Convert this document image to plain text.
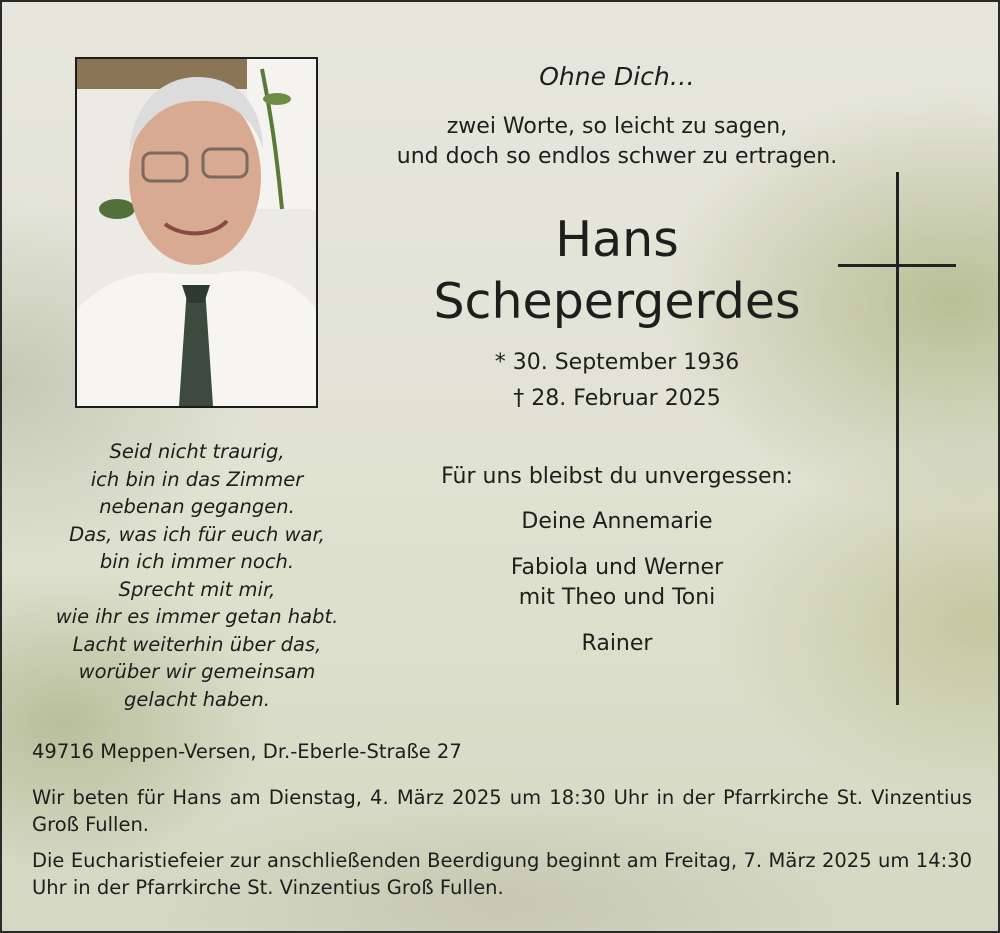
Ohne Dich…
zwei Worte, so leicht zu sagen,
und doch so endlos schwer zu ertragen.
Hans
Schepergerdes
* 30. September 1936
† 28. Februar 2025
Seid nicht traurig,
ich bin in das Zimmer
nebenan gegangen.
Das, was ich für euch war,
bin ich immer noch.
Sprecht mit mir,
wie ihr es immer getan habt.
Lacht weiterhin über das,
worüber wir gemeinsam
gelacht haben.
Für uns bleibst du unvergessen:
Deine Annemarie
Fabiola und Werner
mit Theo und Toni
Rainer
49716 Meppen-Versen, Dr.-Eberle-Straße 27
Wir beten für Hans am Dienstag, 4. März 2025 um 18:30 Uhr in der Pfarrkirche St. Vinzentius Groß Fullen.
Die Eucharistiefeier zur anschließenden Beerdigung beginnt am Freitag, 7. März 2025 um 14:30 Uhr in der Pfarrkirche St. Vinzentius Groß Fullen.
